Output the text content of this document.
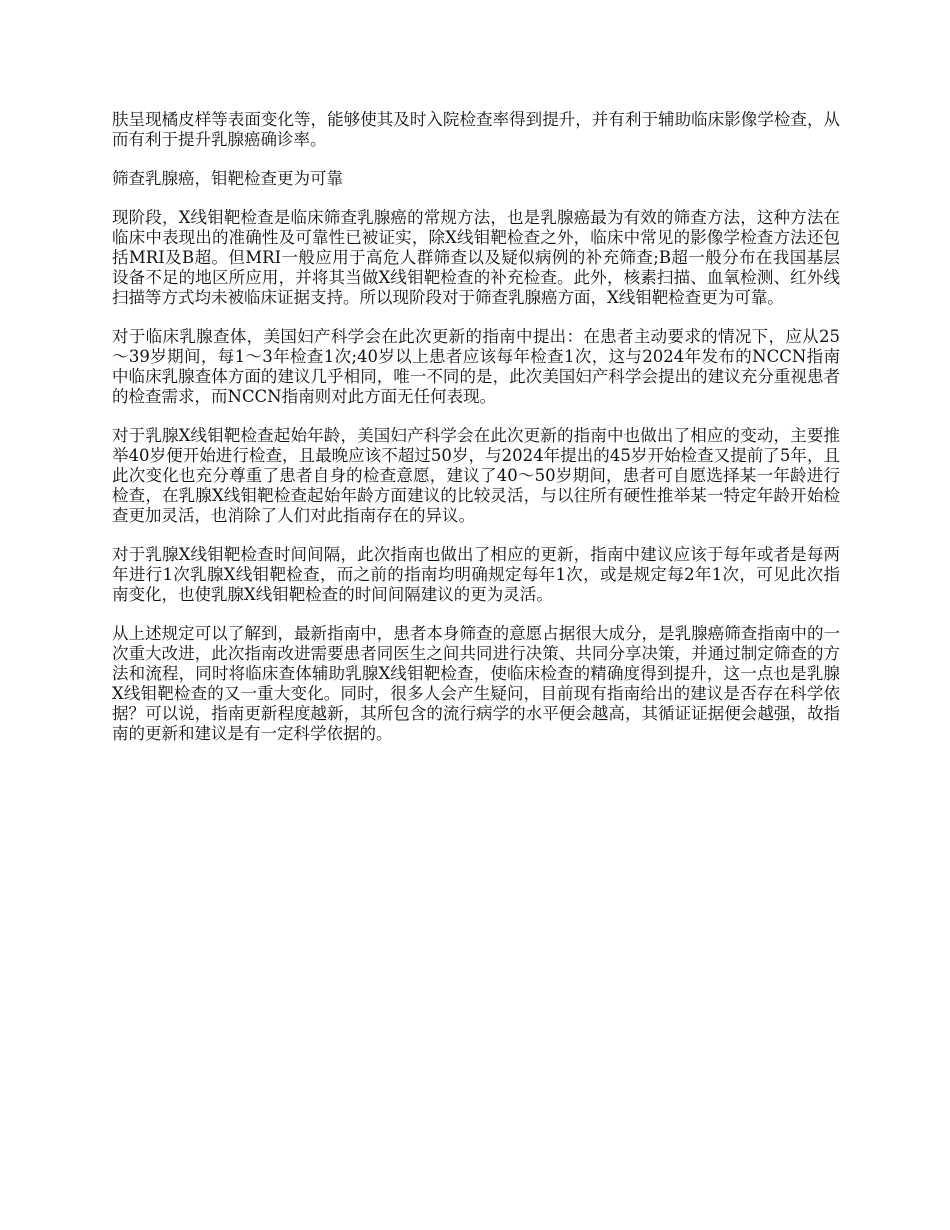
肤呈现橘皮样等表面变化等，能够使其及时入院检查率得到提升，并有利于辅助临床影像学检查，从而有利于提升乳腺癌确诊率。

筛查乳腺癌，钼靶检查更为可靠

现阶段，X线钼靶检查是临床筛查乳腺癌的常规方法，也是乳腺癌最为有效的筛查方法，这种方法在临床中表现出的准确性及可靠性已被证实，除X线钼靶检查之外，临床中常见的影像学检查方法还包括MRI及B超。但MRI一般应用于高危人群筛查以及疑似病例的补充筛查;B超一般分布在我国基层设备不足的地区所应用，并将其当做X线钼靶检查的补充检查。此外，核素扫描、血氧检测、红外线扫描等方式均未被临床证据支持。所以现阶段对于筛查乳腺癌方面，X线钼靶检查更为可靠。

对于临床乳腺查体，美国妇产科学会在此次更新的指南中提出：在患者主动要求的情况下，应从25～39岁期间，每1～3年检查1次;40岁以上患者应该每年检查1次，这与2024年发布的NCCN指南中临床乳腺查体方面的建议几乎相同，唯一不同的是，此次美国妇产科学会提出的建议充分重视患者的检查需求，而NCCN指南则对此方面无任何表现。

对于乳腺X线钼靶检查起始年龄，美国妇产科学会在此次更新的指南中也做出了相应的变动，主要推举40岁便开始进行检查，且最晚应该不超过50岁，与2024年提出的45岁开始检查又提前了5年，且此次变化也充分尊重了患者自身的检查意愿，建议了40～50岁期间，患者可自愿选择某一年龄进行检查，在乳腺X线钼靶检查起始年龄方面建议的比较灵活，与以往所有硬性推举某一特定年龄开始检查更加灵活，也消除了人们对此指南存在的异议。

对于乳腺X线钼靶检查时间间隔，此次指南也做出了相应的更新，指南中建议应该于每年或者是每两年进行1次乳腺X线钼靶检查，而之前的指南均明确规定每年1次，或是规定每2年1次，可见此次指南变化，也使乳腺X线钼靶检查的时间间隔建议的更为灵活。

从上述规定可以了解到，最新指南中，患者本身筛查的意愿占据很大成分，是乳腺癌筛查指南中的一次重大改进，此次指南改进需要患者同医生之间共同进行决策、共同分享决策，并通过制定筛查的方法和流程，同时将临床查体辅助乳腺X线钼靶检查，使临床检查的精确度得到提升，这一点也是乳腺X线钼靶检查的又一重大变化。同时，很多人会产生疑问，目前现有指南给出的建议是否存在科学依据？可以说，指南更新程度越新，其所包含的流行病学的水平便会越高，其循证证据便会越强，故指南的更新和建议是有一定科学依据的。
